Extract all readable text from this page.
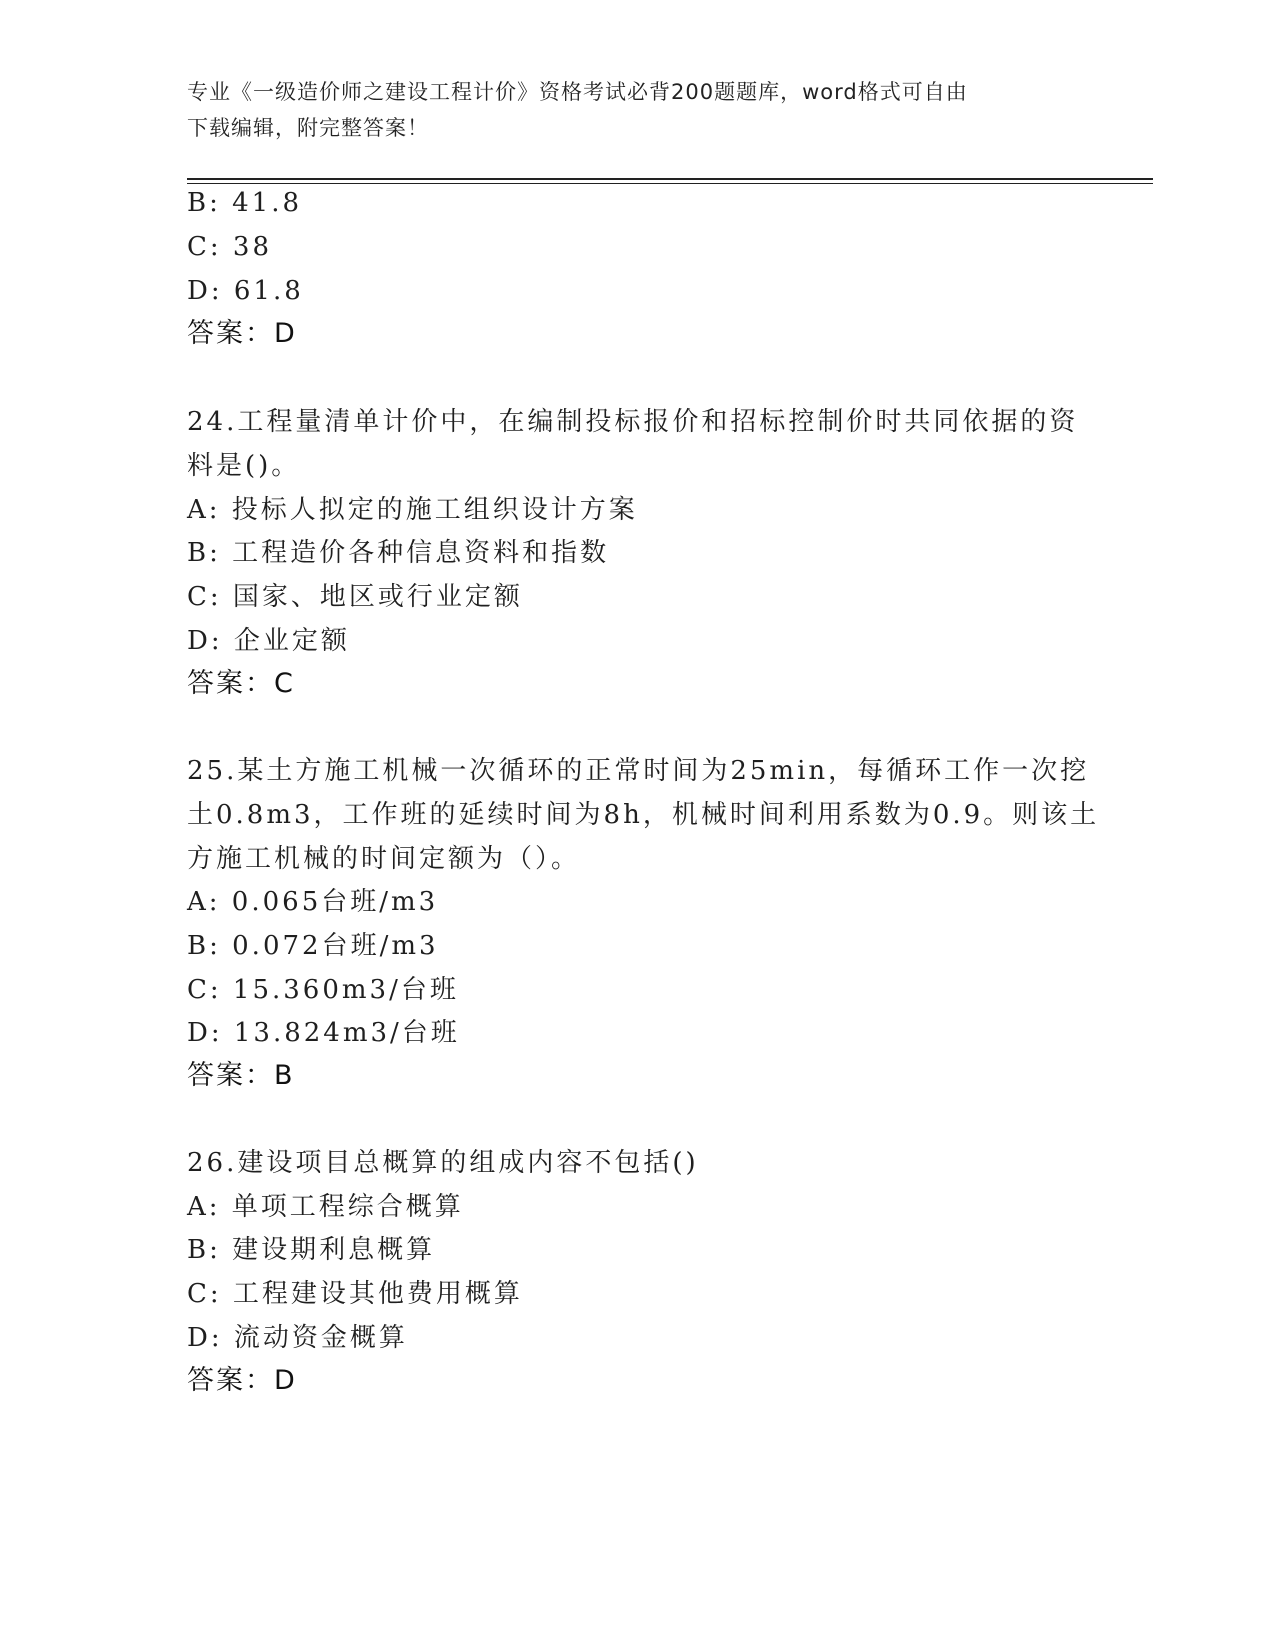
专业《一级造价师之建设工程计价》资格考试必背200题题库，word格式可自由
下载编辑，附完整答案！
B: 41.8
C: 38
D: 61.8
答案：D
24.工程量清单计价中，在编制投标报价和招标控制价时共同依据的资
料是()。
A: 投标人拟定的施工组织设计方案
B: 工程造价各种信息资料和指数
C: 国家、地区或行业定额
D: 企业定额
答案：C
25.某土方施工机械一次循环的正常时间为25min，每循环工作一次挖
土0.8m3，工作班的延续时间为8h，机械时间利用系数为0.9。则该土
方施工机械的时间定额为（）。
A: 0.065台班/m3
B: 0.072台班/m3
C: 15.360m3/台班
D: 13.824m3/台班
答案：B
26.建设项目总概算的组成内容不包括()
A: 单项工程综合概算
B: 建设期利息概算
C: 工程建设其他费用概算
D: 流动资金概算
答案：D
